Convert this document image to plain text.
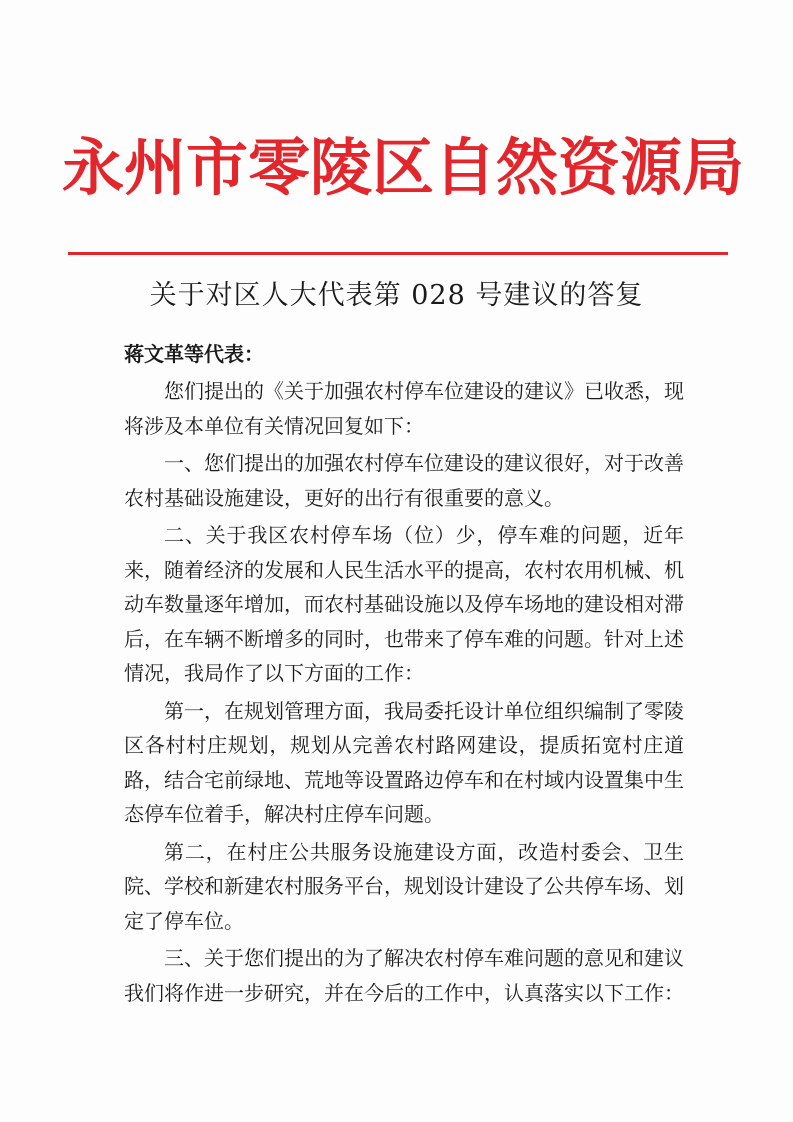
永州市零陵区自然资源局
关于对区人大代表第 028 号建议的答复

蒋文革等代表：

您们提出的《关于加强农村停车位建设的建议》已收悉，现将涉及本单位有关情况回复如下：

一、您们提出的加强农村停车位建设的建议很好，对于改善农村基础设施建设，更好的出行有很重要的意义。

二、关于我区农村停车场（位）少，停车难的问题，近年来，随着经济的发展和人民生活水平的提高，农村农用机械、机动车数量逐年增加，而农村基础设施以及停车场地的建设相对滞后，在车辆不断增多的同时，也带来了停车难的问题。针对上述情况，我局作了以下方面的工作：

第一，在规划管理方面，我局委托设计单位组织编制了零陵区各村村庄规划，规划从完善农村路网建设，提质拓宽村庄道路，结合宅前绿地、荒地等设置路边停车和在村域内设置集中生态停车位着手，解决村庄停车问题。

第二，在村庄公共服务设施建设方面，改造村委会、卫生院、学校和新建农村服务平台，规划设计建设了公共停车场、划定了停车位。

三、关于您们提出的为了解决农村停车难问题的意见和建议我们将作进一步研究，并在今后的工作中，认真落实以下工作：
